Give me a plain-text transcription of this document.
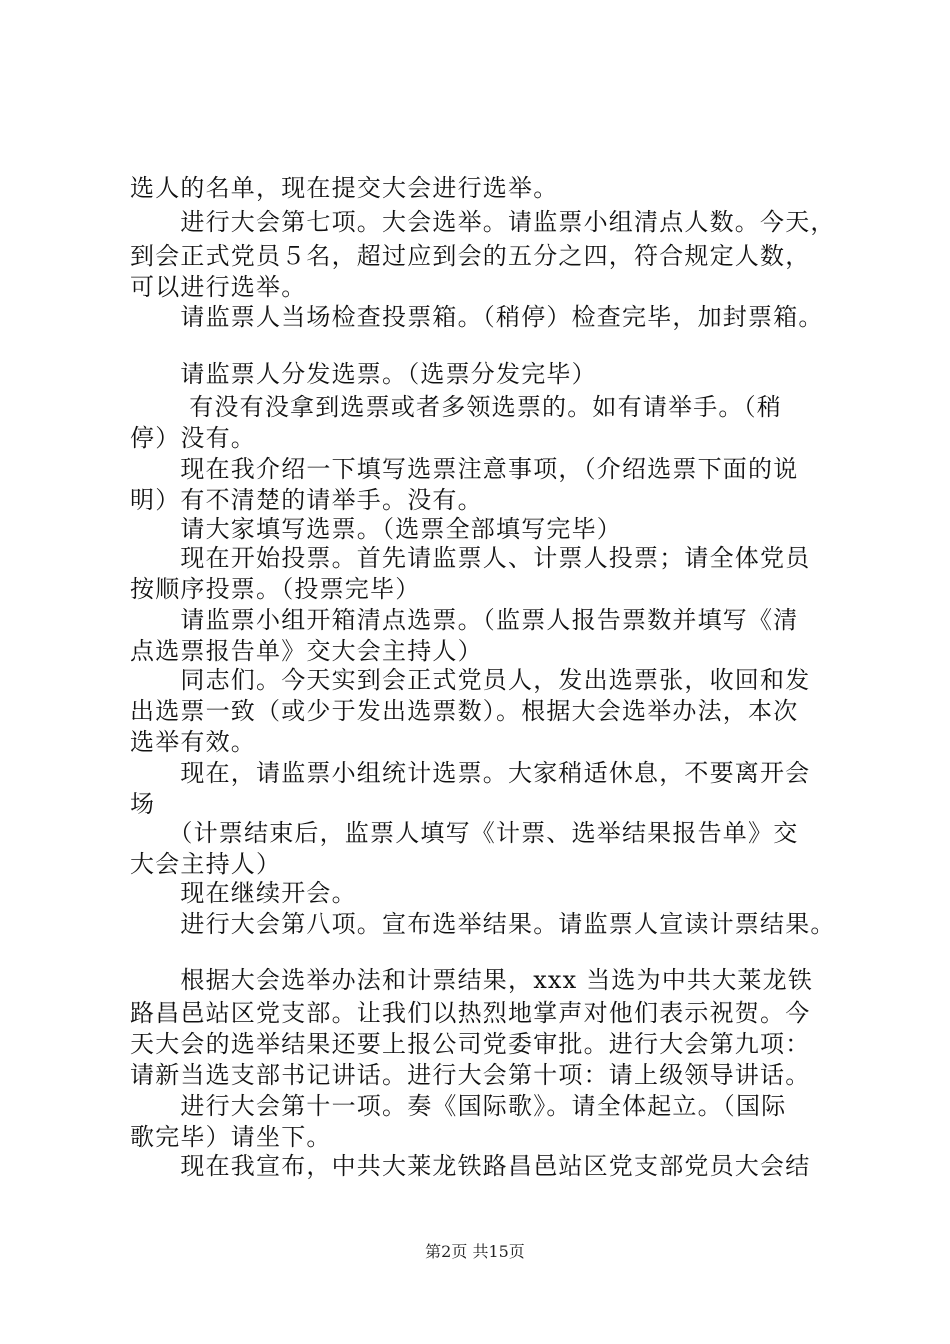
选人的名单，现在提交大会进行选举。
　　进行大会第七项。大会选举。请监票小组清点人数。今天，
到会正式党员５名，超过应到会的五分之四，符合规定人数，
可以进行选举。
　　请监票人当场检查投票箱。（稍停）检查完毕，加封票箱。
　　请监票人分发选票。（选票分发完毕）
　　 有没有没拿到选票或者多领选票的。如有请举手。（稍
停）没有。
　　现在我介绍一下填写选票注意事项，（介绍选票下面的说
明）有不清楚的请举手。没有。
　　请大家填写选票。（选票全部填写完毕）
　　现在开始投票。首先请监票人、计票人投票；请全体党员
按顺序投票。（投票完毕）
　　请监票小组开箱清点选票。（监票人报告票数并填写《清
点选票报告单》交大会主持人）
　　同志们。今天实到会正式党员人，发出选票张，收回和发
出选票一致（或少于发出选票数）。根据大会选举办法，本次
选举有效。
　　现在，请监票小组统计选票。大家稍适休息，不要离开会
场
　　（计票结束后，监票人填写《计票、选举结果报告单》交
大会主持人）
　　现在继续开会。
　　进行大会第八项。宣布选举结果。请监票人宣读计票结果。
　　根据大会选举办法和计票结果，xxx 当选为中共大莱龙铁
路昌邑站区党支部。让我们以热烈地掌声对他们表示祝贺。今
天大会的选举结果还要上报公司党委审批。进行大会第九项：
请新当选支部书记讲话。进行大会第十项：请上级领导讲话。
　　进行大会第十一项。奏《国际歌》。请全体起立。（国际
歌完毕）请坐下。
　　现在我宣布，中共大莱龙铁路昌邑站区党支部党员大会结
第2页 共15页
